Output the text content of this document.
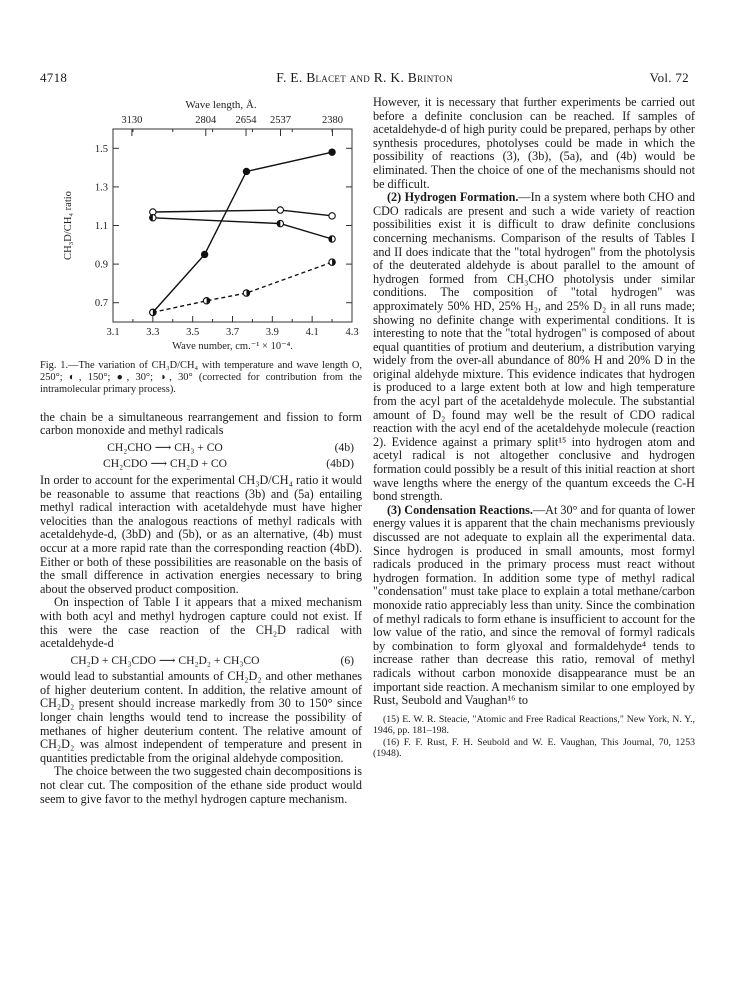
4718	F. E. Blacet and R. K. Brinton	Vol. 72
Wave length, Å.
3130	2804 2654 2537	2380
3.1	3.3	3.5	3.7	3.9	4.1	4.3
0.7
0.9
1.1
1.3
1.5
CH₃D/CH₄ ratio
Wave number, cm.⁻¹ × 10⁻⁴.

Fig. 1.—The variation of CH₃D/CH₄ with temperature and wave length O, 250°; ◐, 150°; ●, 30°; ◑, 30° (corrected for contribution from the intramolecular primary process).

the chain be a simultaneous rearrangement and fission to form carbon monoxide and methyl radicals

CH₂CHO ⟶ CH₃ + CO	(4b)
CH₂CDO ⟶ CH₂D + CO	(4bD)

In order to account for the experimental CH₃D/CH₄ ratio it would be reasonable to assume that reactions (3b) and (5a) entailing methyl radical interaction with acetaldehyde must have higher velocities than the analogous reactions of methyl radicals with acetaldehyde-d, (3bD) and (5b), or as an alternative, (4b) must occur at a more rapid rate than the corresponding reaction (4bD). Either or both of these possibilities are reasonable on the basis of the small difference in activation energies necessary to bring about the observed product composition.

On inspection of Table I it appears that a mixed mechanism with both acyl and methyl hydrogen capture could not exist. If this were the case reaction of the CH₂D radical with acetaldehyde-d

CH₂D + CH₃CDO ⟶ CH₂D₂ + CH₃CO	(6)

would lead to substantial amounts of CH₂D₂ and other methanes of higher deuterium content. In addition, the relative amount of CH₂D₂ present should increase markedly from 30 to 150° since longer chain lengths would tend to increase the possibility of methanes of higher deuterium content. The relative amount of CH₂D₂ was almost independent of temperature and present in quantities predictable from the original aldehyde composition.

The choice between the two suggested chain decompositions is not clear cut. The composition of the ethane side product would seem to give favor to the methyl hydrogen capture mechanism.

However, it is necessary that further experiments be carried out before a definite conclusion can be reached. If samples of acetaldehyde-d of high purity could be prepared, perhaps by other synthesis procedures, photolyses could be made in which the possibility of reactions (3), (3b), (5a), and (4b) would be eliminated. Then the choice of one of the mechanisms should not be difficult.

(2) Hydrogen Formation.—In a system where both CHO and CDO radicals are present and such a wide variety of reaction possibilities exist it is difficult to draw definite conclusions concerning mechanisms. Comparison of the results of Tables I and II does indicate that the "total hydrogen" from the photolysis of the deuterated aldehyde is about parallel to the amount of hydrogen formed from CH₃CHO photolysis under similar conditions. The composition of "total hydrogen" was approximately 50% HD, 25% H₂, and 25% D₂ in all runs made; showing no definite change with experimental conditions. It is interesting to note that the "total hydrogen" is composed of about equal quantities of protium and deuterium, a distribution varying widely from the over-all abundance of 80% H and 20% D in the original aldehyde mixture. This evidence indicates that hydrogen is produced to a large extent both at low and high temperature from the acyl part of the acetaldehyde molecule. The substantial amount of D₂ found may well be the result of CDO radical reaction with the acyl end of the acetaldehyde molecule (reaction 2). Evidence against a primary split¹⁵ into hydrogen atom and acetyl radical is not altogether conclusive and hydrogen formation could possibly be a result of this initial reaction at short wave lengths where the energy of the quantum exceeds the C-H bond strength.

(3) Condensation Reactions.—At 30° and for quanta of lower energy values it is apparent that the chain mechanisms previously discussed are not adequate to explain all the experimental data. Since hydrogen is produced in small amounts, most formyl radicals produced in the primary process must react without hydrogen formation. In addition some type of methyl radical "condensation" must take place to explain a total methane/carbon monoxide ratio appreciably less than unity. Since the combination of methyl radicals to form ethane is insufficient to account for the low value of the ratio, and since the removal of formyl radicals by combination to form glyoxal and formaldehyde⁴ tends to increase rather than decrease this ratio, removal of methyl radicals without carbon monoxide disappearance must be an important side reaction. A mechanism similar to one employed by Rust, Seubold and Vaughan¹⁶ to

(15) E. W. R. Steacie, "Atomic and Free Radical Reactions," New York, N. Y., 1946, pp. 181–198.

(16) F. F. Rust, F. H. Seubold and W. E. Vaughan, This Journal, 70, 1253 (1948).
